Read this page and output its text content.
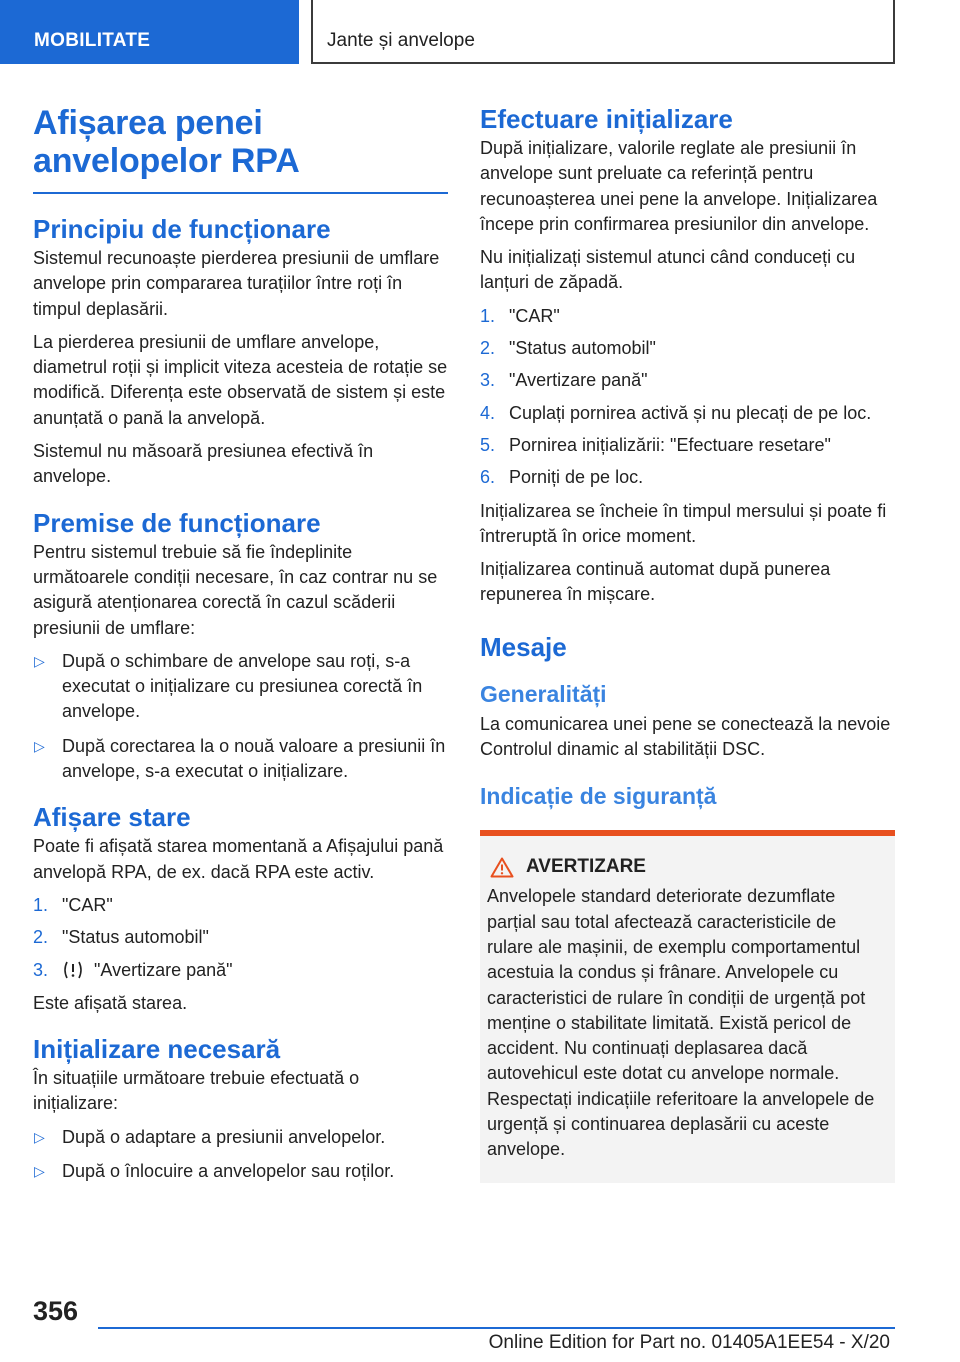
MOBILITATE	Jante și anvelope
Afișarea penei anvelopelor RPA
Principiu de funcționare

Sistemul recunoaște pierderea presiunii de umflare anvelope prin compararea turațiilor între roți în timpul deplasării.

La pierderea presiunii de umflare anvelope, diametrul roții și implicit viteza acesteia de rotație se modifică. Diferența este observată de sistem și este anunțată o pană la anvelopă.

Sistemul nu măsoară presiunea efectivă în anvelope.

Premise de funcționare

Pentru sistemul trebuie să fie îndeplinite următoarele condiții necesare, în caz contrar nu se asigură atenționarea corectă în cazul scăderii presiunii de umflare:

▷ După o schimbare de anvelope sau roți, s-a executat o inițializare cu presiunea corectă în anvelope.
▷ După corectarea la o nouă valoare a presiunii în anvelope, s-a executat o inițializare.
Afișare stare

Poate fi afișată starea momentană a Afișajului pană anvelopă RPA, de ex. dacă RPA este activ.

1. "CAR"
2. "Status automobil"
3.	"Avertizare pană"

Este afișată starea.

Inițializare necesară

În situațiile următoare trebuie efectuată o inițializare:

▷ După o adaptare a presiunii anvelopelor.
▷ După o înlocuire a anvelopelor sau roților.
Efectuare inițializare

După inițializare, valorile reglate ale presiunii în anvelope sunt preluate ca referință pentru recunoașterea unei pene la anvelope. Inițializarea începe prin confirmarea presiunilor din anvelope.

Nu inițializați sistemul atunci când conduceți cu lanțuri de zăpadă.

1. "CAR"
2. "Status automobil"
3. "Avertizare pană"
4. Cuplați pornirea activă și nu plecați de pe loc.
5. Pornirea inițializării: "Efectuare resetare"
6. Porniți de pe loc.

Inițializarea se încheie în timpul mersului și poate fi întreruptă în orice moment.

Inițializarea continuă automat după punerea repunerea în mișcare.

Mesaje
Generalități

La comunicarea unei pene se conectează la nevoie Controlul dinamic al stabilității DSC.

Indicație de siguranță
AVERTIZARE
Anvelopele standard deteriorate dezumflate parțial sau total afectează caracteristicile de rulare ale mașinii, de exemplu comportamentul acestuia la condus și frânare. Anvelopele cu caracteristici de rulare în condiții de urgență pot menține o stabilitate limitată. Există pericol de accident. Nu continuați deplasarea dacă autovehicul este dotat cu anvelope normale. Respectați indicațiile referitoare la anvelopele de urgență și continuarea deplasării cu aceste anvelope.
356
Online Edition for Part no. 01405A1EE54 - X/20
